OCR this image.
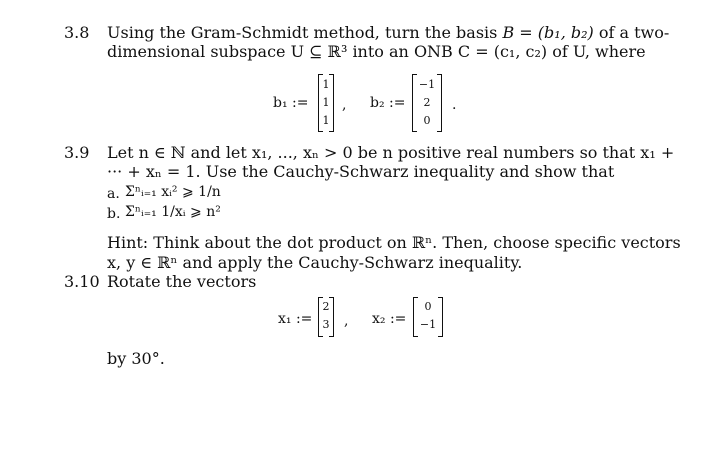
3.8 Using the Gram-Schmidt method, turn the basis B = (b₁, b₂) of a two-
dimensional subspace U ⊆ ℝ³ into an ONB C = (c₁, c₂) of U, where
b₁ :=
1
1
1
, b₂ :=
−1
2
0
.
3.9 Let n ∈ ℕ and let x₁, ..., xₙ > 0 be n positive real numbers so that x₁ +
··· + xₙ = 1. Use the Cauchy-Schwarz inequality and show that
a. Σⁿᵢ₌₁ xᵢ² ⩾ 1/n
b. Σⁿᵢ₌₁ 1/xᵢ ⩾ n²
Hint: Think about the dot product on ℝⁿ. Then, choose specific vectors
x, y ∈ ℝⁿ and apply the Cauchy-Schwarz inequality.
3.10 Rotate the vectors
x₁ :=
2
3	, x₂ :=
0
−1
by 30°.
